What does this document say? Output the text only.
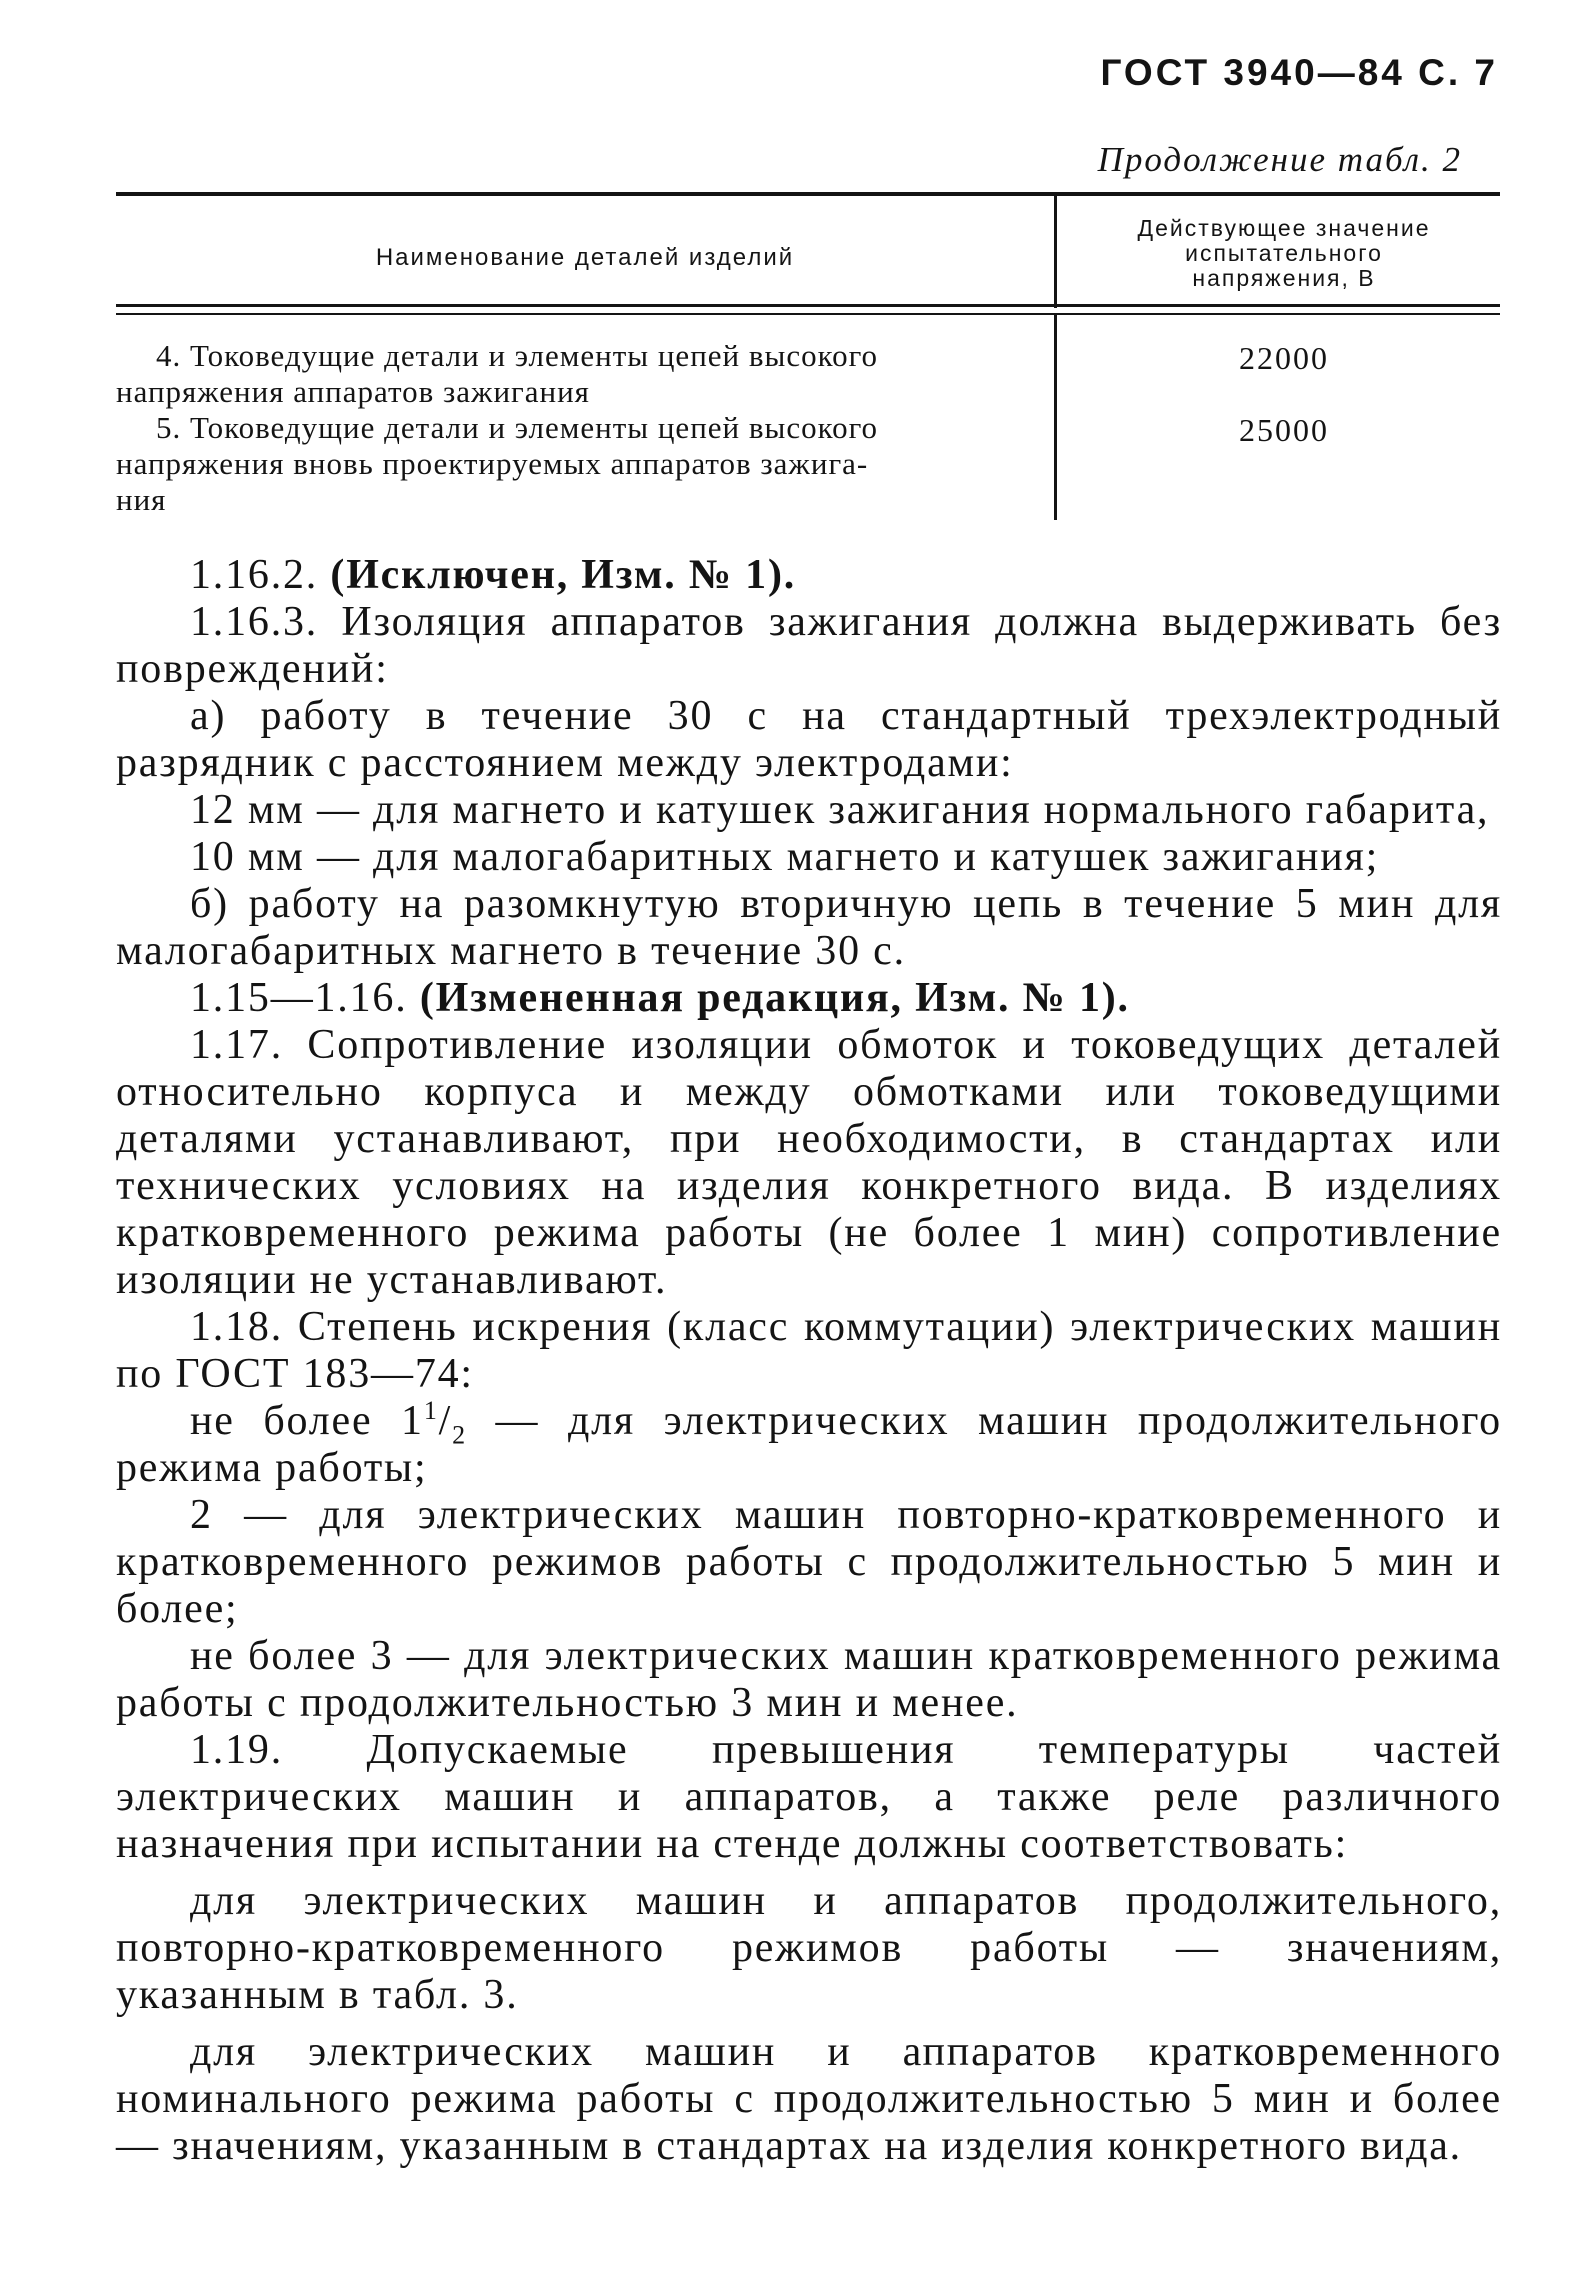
ГОСТ 3940—84 С. 7
Продолжение табл. 2
Наименование деталей изделий
Действующее значение
испытательного
напряжения, В
4. Токоведущие детали и элементы цепей высокого
напряжения аппаратов зажигания
22000
5. Токоведущие детали и элементы цепей высокого
напряжения вновь проектируемых аппаратов зажига-
ния
25000

1.16.2. (Исключен, Изм. № 1).

1.16.3. Изоляция аппаратов зажигания должна выдерживать без повреждений:

а) работу в течение 30 с на стандартный трехэлектродный разрядник с расстоянием между электродами:

12 мм — для магнето и катушек зажигания нормального габарита,

10 мм — для малогабаритных магнето и катушек зажигания;

б) работу на разомкнутую вторичную цепь в течение 5 мин для малогабаритных магнето в течение 30 с.

1.15—1.16. (Измененная редакция, Изм. № 1).

1.17. Сопротивление изоляции обмоток и токоведущих деталей относительно корпуса и между обмотками или токоведущими деталями устанавливают, при необходимости, в стандартах или технических условиях на изделия конкретного вида. В изделиях кратковременного режима работы (не более 1 мин) сопротивление изоляции не устанавливают.

1.18. Степень искрения (класс коммутации) электрических машин по ГОСТ 183—74:

не более $1^1/_2$ — для электрических машин продолжительного режима работы;

2 — для электрических машин повторно-кратковременного и кратковременного режимов работы с продолжительностью 5 мин и более;

не более 3 — для электрических машин кратковременного режима работы с продолжительностью 3 мин и менее.

1.19. Допускаемые превышения температуры частей электрических машин и аппаратов, а также реле различного назначения при испытании на стенде должны соответствовать:

для электрических машин и аппаратов продолжительного, повторно-кратковременного режимов работы — значениям, указанным в табл. 3.

для электрических машин и аппаратов кратковременного номинального режима работы с продолжительностью 5 мин и более — значениям, указанным в стандартах на изделия конкретного вида.
